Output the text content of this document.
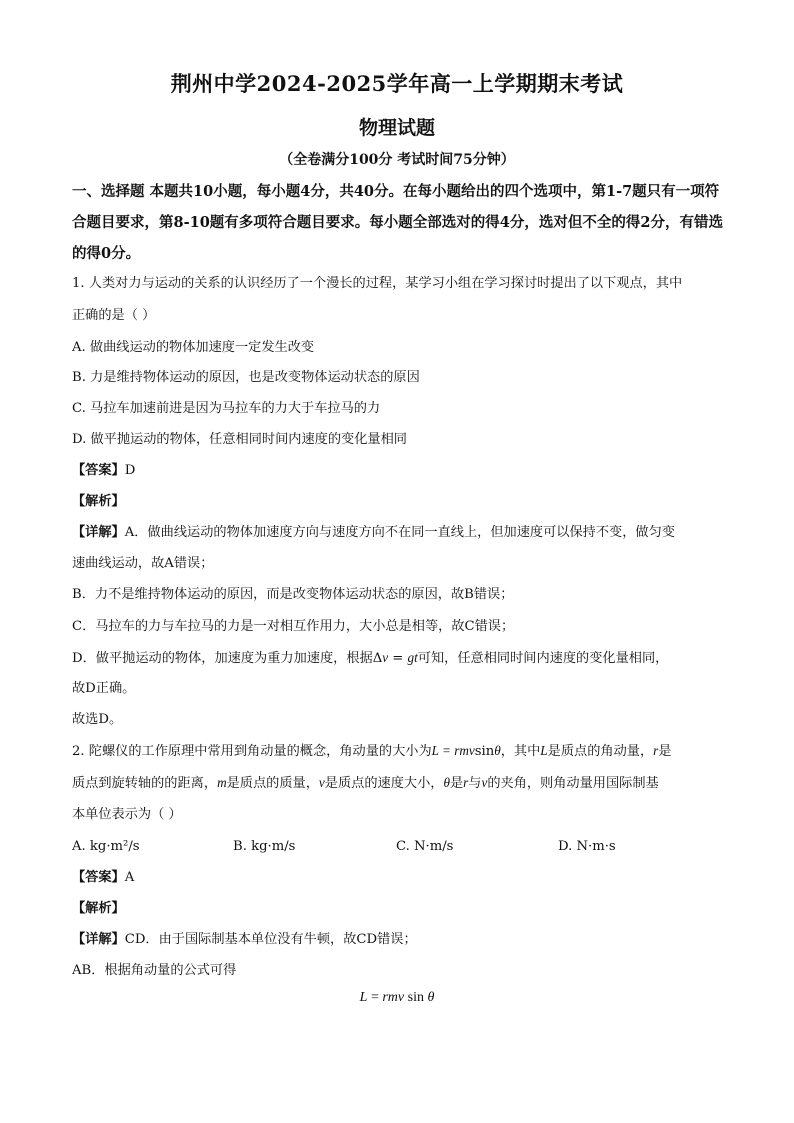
荆州中学2024-2025学年高一上学期期末考试
物理试题
（全卷满分100分 考试时间75分钟）
一、选择题 本题共10小题，每小题4分，共40分。在每小题给出的四个选项中，第1-7题只有一项符合题目要求，第8-10题有多项符合题目要求。每小题全部选对的得4分，选对但不全的得2分，有错选的得0分。
1. 人类对力与运动的关系的认识经历了一个漫长的过程，某学习小组在学习探讨时提出了以下观点，其中
正确的是（ ）
A. 做曲线运动的物体加速度一定发生改变
B. 力是维持物体运动的原因，也是改变物体运动状态的原因
C. 马拉车加速前进是因为马拉车的力大于车拉马的力
D. 做平抛运动的物体，任意相同时间内速度的变化量相同
【答案】D
【解析】
【详解】A．做曲线运动的物体加速度方向与速度方向不在同一直线上，但加速度可以保持不变，做匀变
速曲线运动，故A错误；
B．力不是维持物体运动的原因，而是改变物体运动状态的原因，故B错误；
C．马拉车的力与车拉马的力是一对相互作用力，大小总是相等，故C错误；
D．做平抛运动的物体，加速度为重力加速度，根据Δv = gt可知，任意相同时间内速度的变化量相同，
故D正确。
故选D。
2. 陀螺仪的工作原理中常用到角动量的概念，角动量的大小为L = rmvsinθ，其中L是质点的角动量，r是
质点到旋转轴的的距离，m是质点的质量，v是质点的速度大小，θ是r与v的夹角，则角动量用国际制基
本单位表示为（ ）
A. kg·m²/s	B. kg·m/s	C. N·m/s	D. N·m·s
【答案】A
【解析】
【详解】CD．由于国际制基本单位没有牛顿，故CD错误；
AB．根据角动量的公式可得
L = rmv sin θ
